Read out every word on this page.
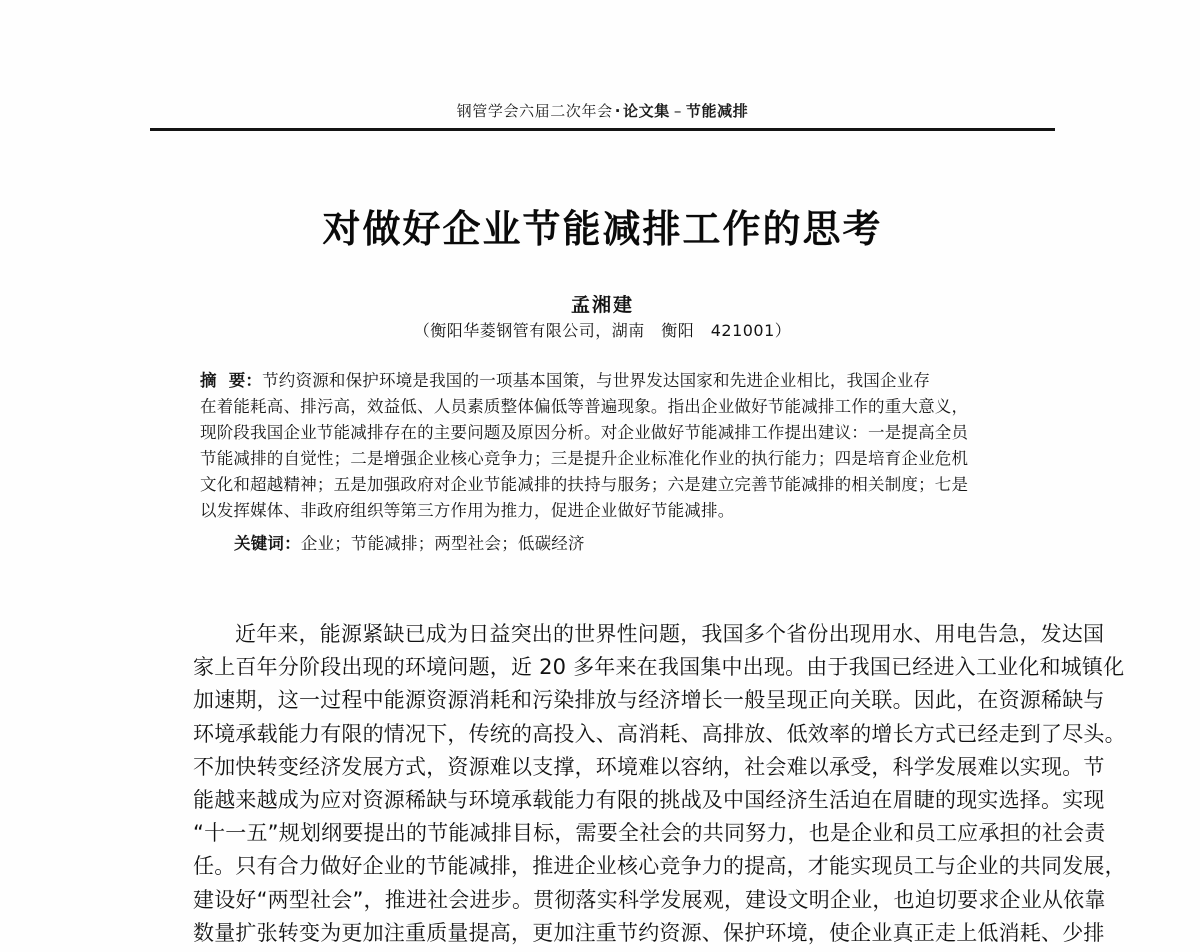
钢管学会六届二次年会 · 论文集 – 节能减排
对做好企业节能减排工作的思考
孟湘建
（衡阳华菱钢管有限公司，湖南　衡阳　421001）
摘 要：节约资源和保护环境是我国的一项基本国策，与世界发达国家和先进企业相比，我国企业存
在着能耗高、排污高，效益低、人员素质整体偏低等普遍现象。指出企业做好节能减排工作的重大意义，
现阶段我国企业节能减排存在的主要问题及原因分析。对企业做好节能减排工作提出建议：一是提高全员
节能减排的自觉性；二是增强企业核心竞争力；三是提升企业标准化作业的执行能力；四是培育企业危机
文化和超越精神；五是加强政府对企业节能减排的扶持与服务；六是建立完善节能减排的相关制度；七是
以发挥媒体、非政府组织等第三方作用为推力，促进企业做好节能减排。
关键词：企业；节能减排；两型社会；低碳经济
近年来，能源紧缺已成为日益突出的世界性问题，我国多个省份出现用水、用电告急，发达国
家上百年分阶段出现的环境问题，近 20 多年来在我国集中出现。由于我国已经进入工业化和城镇化
加速期，这一过程中能源资源消耗和污染排放与经济增长一般呈现正向关联。因此，在资源稀缺与
环境承载能力有限的情况下，传统的高投入、高消耗、高排放、低效率的增长方式已经走到了尽头。
不加快转变经济发展方式，资源难以支撑，环境难以容纳，社会难以承受，科学发展难以实现。节
能越来越成为应对资源稀缺与环境承载能力有限的挑战及中国经济生活迫在眉睫的现实选择。实现
“十一五”规划纲要提出的节能减排目标，需要全社会的共同努力，也是企业和员工应承担的社会责
任。只有合力做好企业的节能减排，推进企业核心竞争力的提高，才能实现员工与企业的共同发展，
建设好“两型社会”，推进社会进步。贯彻落实科学发展观，建设文明企业，也迫切要求企业从依靠
数量扩张转变为更加注重质量提高，更加注重节约资源、保护环境，使企业真正走上低消耗、少排
